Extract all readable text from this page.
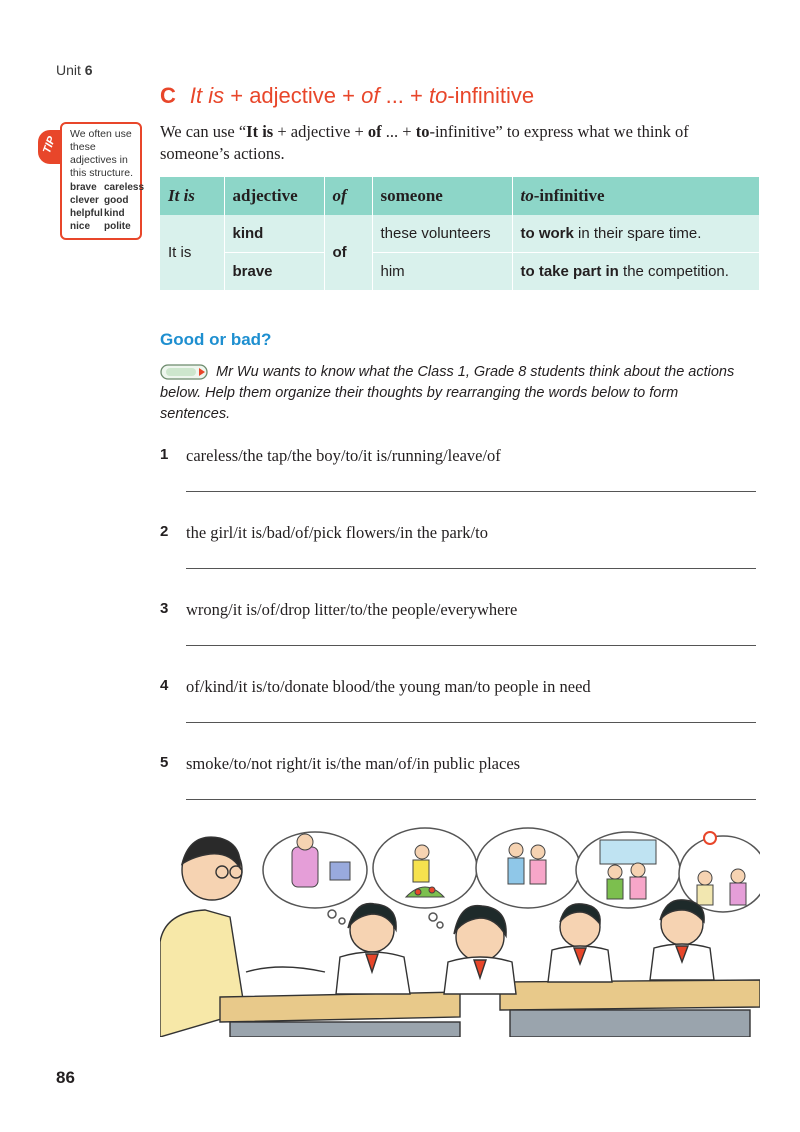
Unit 6
C It is + adjective + of ... + to-infinitive
We can use “It is + adjective + of ... + to-infinitive” to express what we think of someone’s actions.
TIP
We often use these adjectives in this structure.
brave careless
clever good
helpful kind
nice	polite
It is	adjective	of	someone	to-infinitive
It is	kind	of	these volunteers	to work in their spare time.
	brave		him	to take part in the competition.
Good or bad?
Mr Wu wants to know what the Class 1, Grade 8 students think about the actions below. Help them organize their thoughts by rearranging the words below to form sentences.
1 careless/the tap/the boy/to/it is/running/leave/of
2 the girl/it is/bad/of/pick flowers/in the park/to
3 wrong/it is/of/drop litter/to/the people/everywhere
4 of/kind/it is/to/donate blood/the young man/to people in need
5 smoke/to/not right/it is/the man/of/in public places
86
